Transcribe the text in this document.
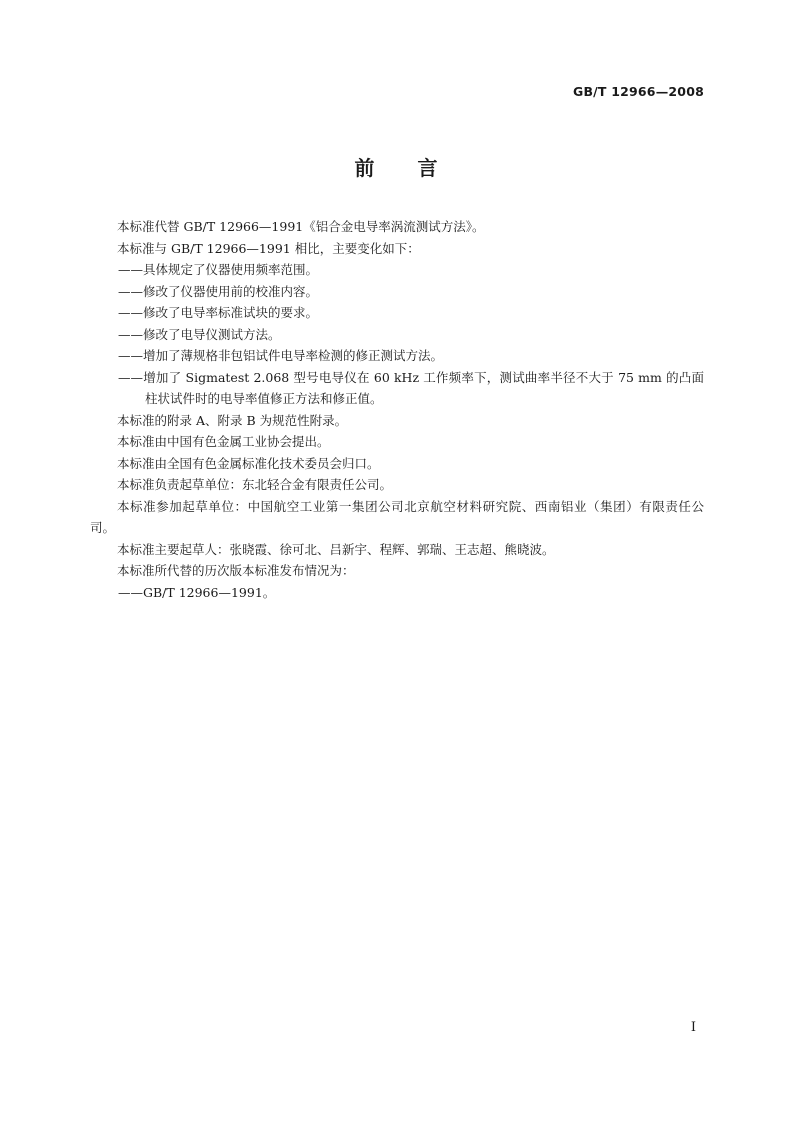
GB/T 12966—2008
前 言

本标准代替 GB/T 12966—1991《铝合金电导率涡流测试方法》。

本标准与 GB/T 12966—1991 相比，主要变化如下：

——具体规定了仪器使用频率范围。

——修改了仪器使用前的校准内容。

——修改了电导率标准试块的要求。

——修改了电导仪测试方法。

——增加了薄规格非包铝试件电导率检测的修正测试方法。

——增加了 Sigmatest 2.068 型号电导仪在 60 kHz 工作频率下，测试曲率半径不大于 75 mm 的凸面柱状试件时的电导率值修正方法和修正值。

本标准的附录 A、附录 B 为规范性附录。

本标准由中国有色金属工业协会提出。

本标准由全国有色金属标准化技术委员会归口。

本标准负责起草单位：东北轻合金有限责任公司。

本标准参加起草单位：中国航空工业第一集团公司北京航空材料研究院、西南铝业（集团）有限责任公司。

本标准主要起草人：张晓霞、徐可北、吕新宇、程辉、郭瑞、王志超、熊晓波。

本标准所代替的历次版本标准发布情况为：

——GB/T 12966—1991。

I
